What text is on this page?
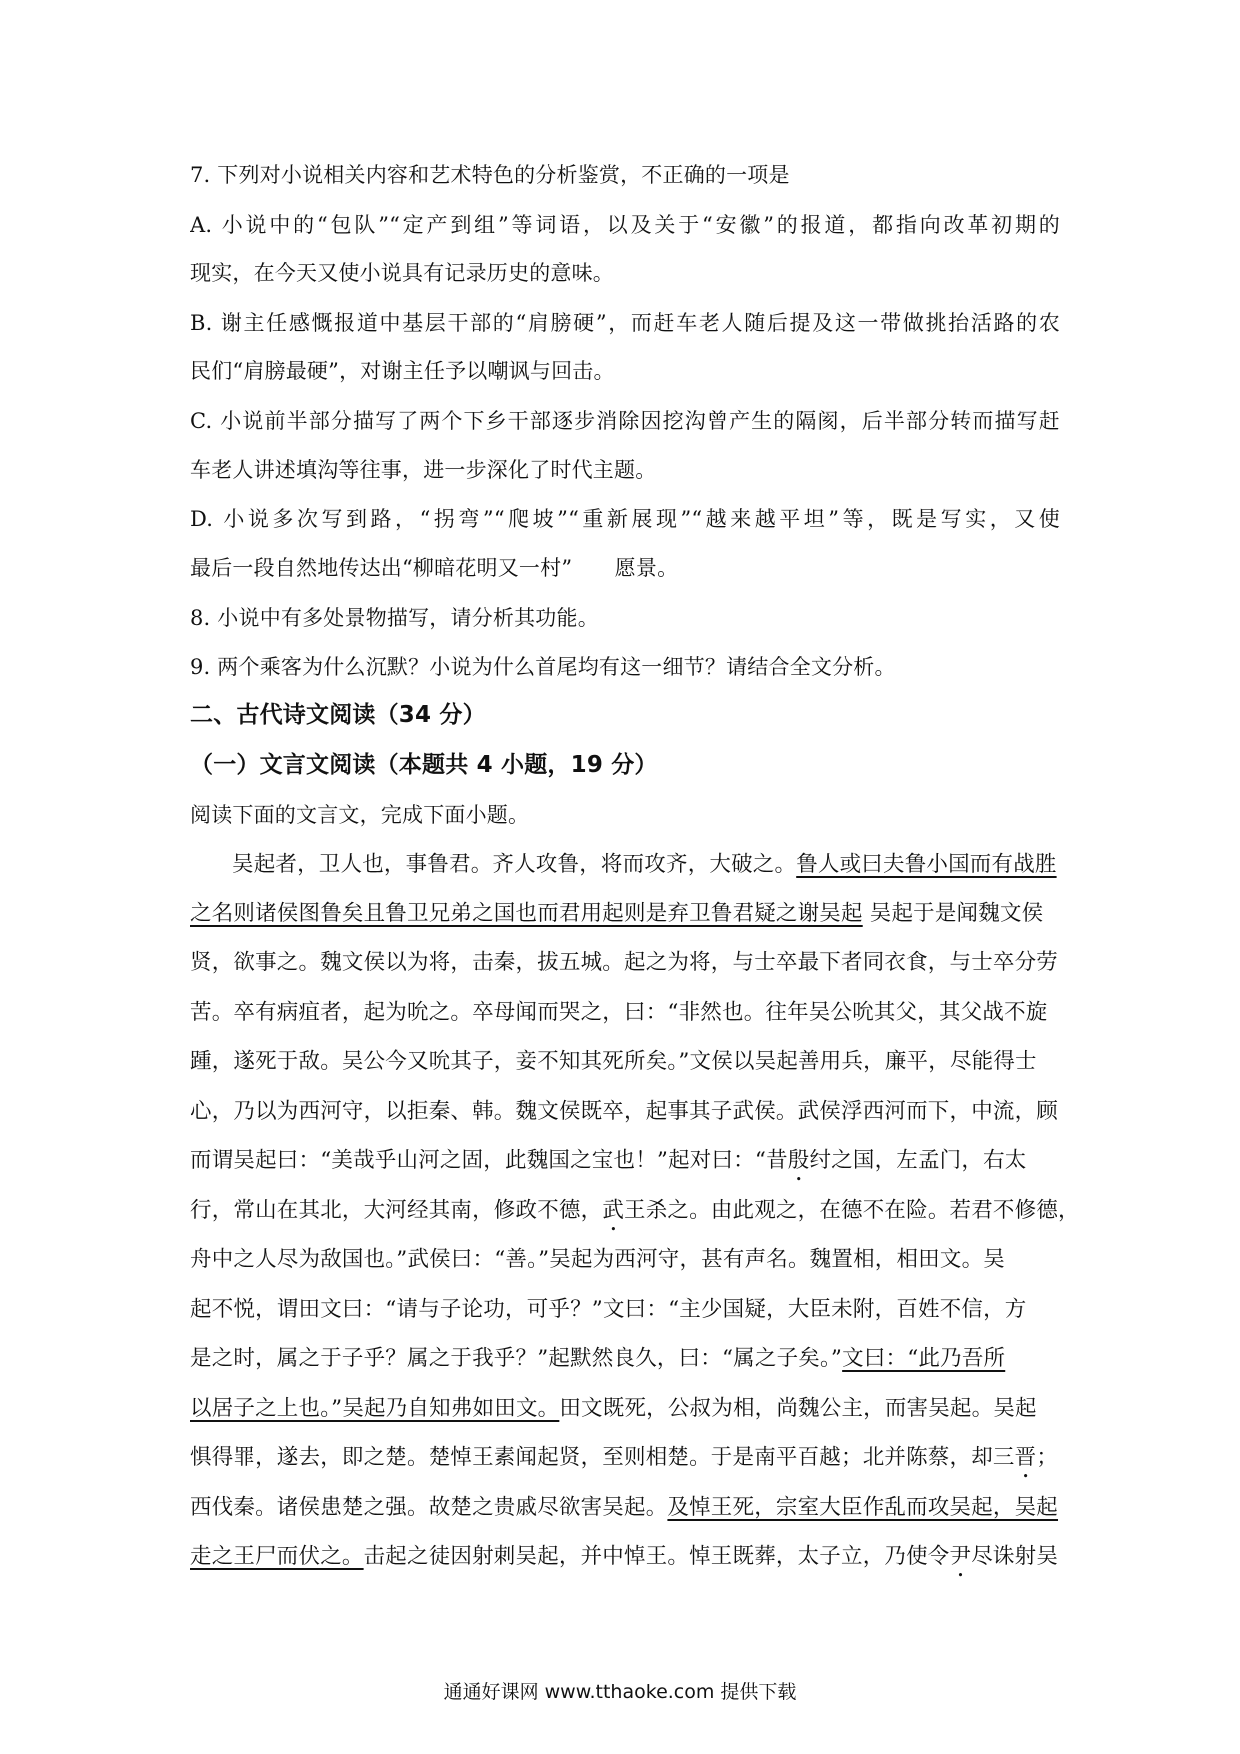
7. 下列对小说相关内容和艺术特色的分析鉴赏，不正确的一项是
A. 小说中的“包队”“定产到组”等词语，以及关于“安徽”的报道，都指向改革初期的
现实，在今天又使小说具有记录历史的意味。
B. 谢主任感慨报道中基层干部的“肩膀硬”，而赶车老人随后提及这一带做挑抬活路的农
民们“肩膀最硬”，对谢主任予以嘲讽与回击。
C. 小说前半部分描写了两个下乡干部逐步消除因挖沟曾产生的隔阂，后半部分转而描写赶
车老人讲述填沟等往事，进一步深化了时代主题。
D. 小说多次写到路，“拐弯”“爬坡”“重新展现”“越来越平坦”等，既是写实，又使
最后一段自然地传达出“柳暗花明又一村”　　愿景。
8. 小说中有多处景物描写，请分析其功能。
9. 两个乘客为什么沉默？小说为什么首尾均有这一细节？请结合全文分析。
二、古代诗文阅读（34 分）
（一）文言文阅读（本题共 4 小题，19 分）
阅读下面的文言文，完成下面小题。
吴起者，卫人也，事鲁君。齐人攻鲁，将而攻齐，大破之。鲁人或曰夫鲁小国而有战胜
之名则诸侯图鲁矣且鲁卫兄弟之国也而君用起则是弃卫鲁君疑之谢吴起 吴起于是闻魏文侯
贤，欲事之。魏文侯以为将，击秦，拔五城。起之为将，与士卒最下者同衣食，与士卒分劳
苦。卒有病疽者，起为吮之。卒母闻而哭之，曰：“非然也。往年吴公吮其父，其父战不旋
踵，遂死于敌。吴公今又吮其子，妾不知其死所矣。”文侯以吴起善用兵，廉平，尽能得士
心，乃以为西河守，以拒秦、韩。魏文侯既卒，起事其子武侯。武侯浮西河而下，中流，顾
而谓吴起曰：“美哉乎山河之固，此魏国之宝也！”起对曰：“昔殷纣之国，左孟门，右太
行，常山在其北，大河经其南，修政不德，武王杀之。由此观之，在德不在险。若君不修德，
舟中之人尽为敌国也。”武侯曰：“善。”吴起为西河守，甚有声名。魏置相，相田文。吴
起不悦，谓田文曰：“请与子论功，可乎？”文曰：“主少国疑，大臣未附，百姓不信，方
是之时，属之于子乎？属之于我乎？”起默然良久，曰：“属之子矣。”文曰：“此乃吾所
以居子之上也。”吴起乃自知弗如田文。田文既死，公叔为相，尚魏公主，而害吴起。吴起
惧得罪，遂去，即之楚。楚悼王素闻起贤，至则相楚。于是南平百越；北并陈蔡，却三晋；
西伐秦。诸侯患楚之强。故楚之贵戚尽欲害吴起。及悼王死，宗室大臣作乱而攻吴起，吴起
走之王尸而伏之。击起之徒因射刺吴起，并中悼王。悼王既葬，太子立，乃使令尹尽诛射吴
通通好课网 www.tthaoke.com 提供下载
